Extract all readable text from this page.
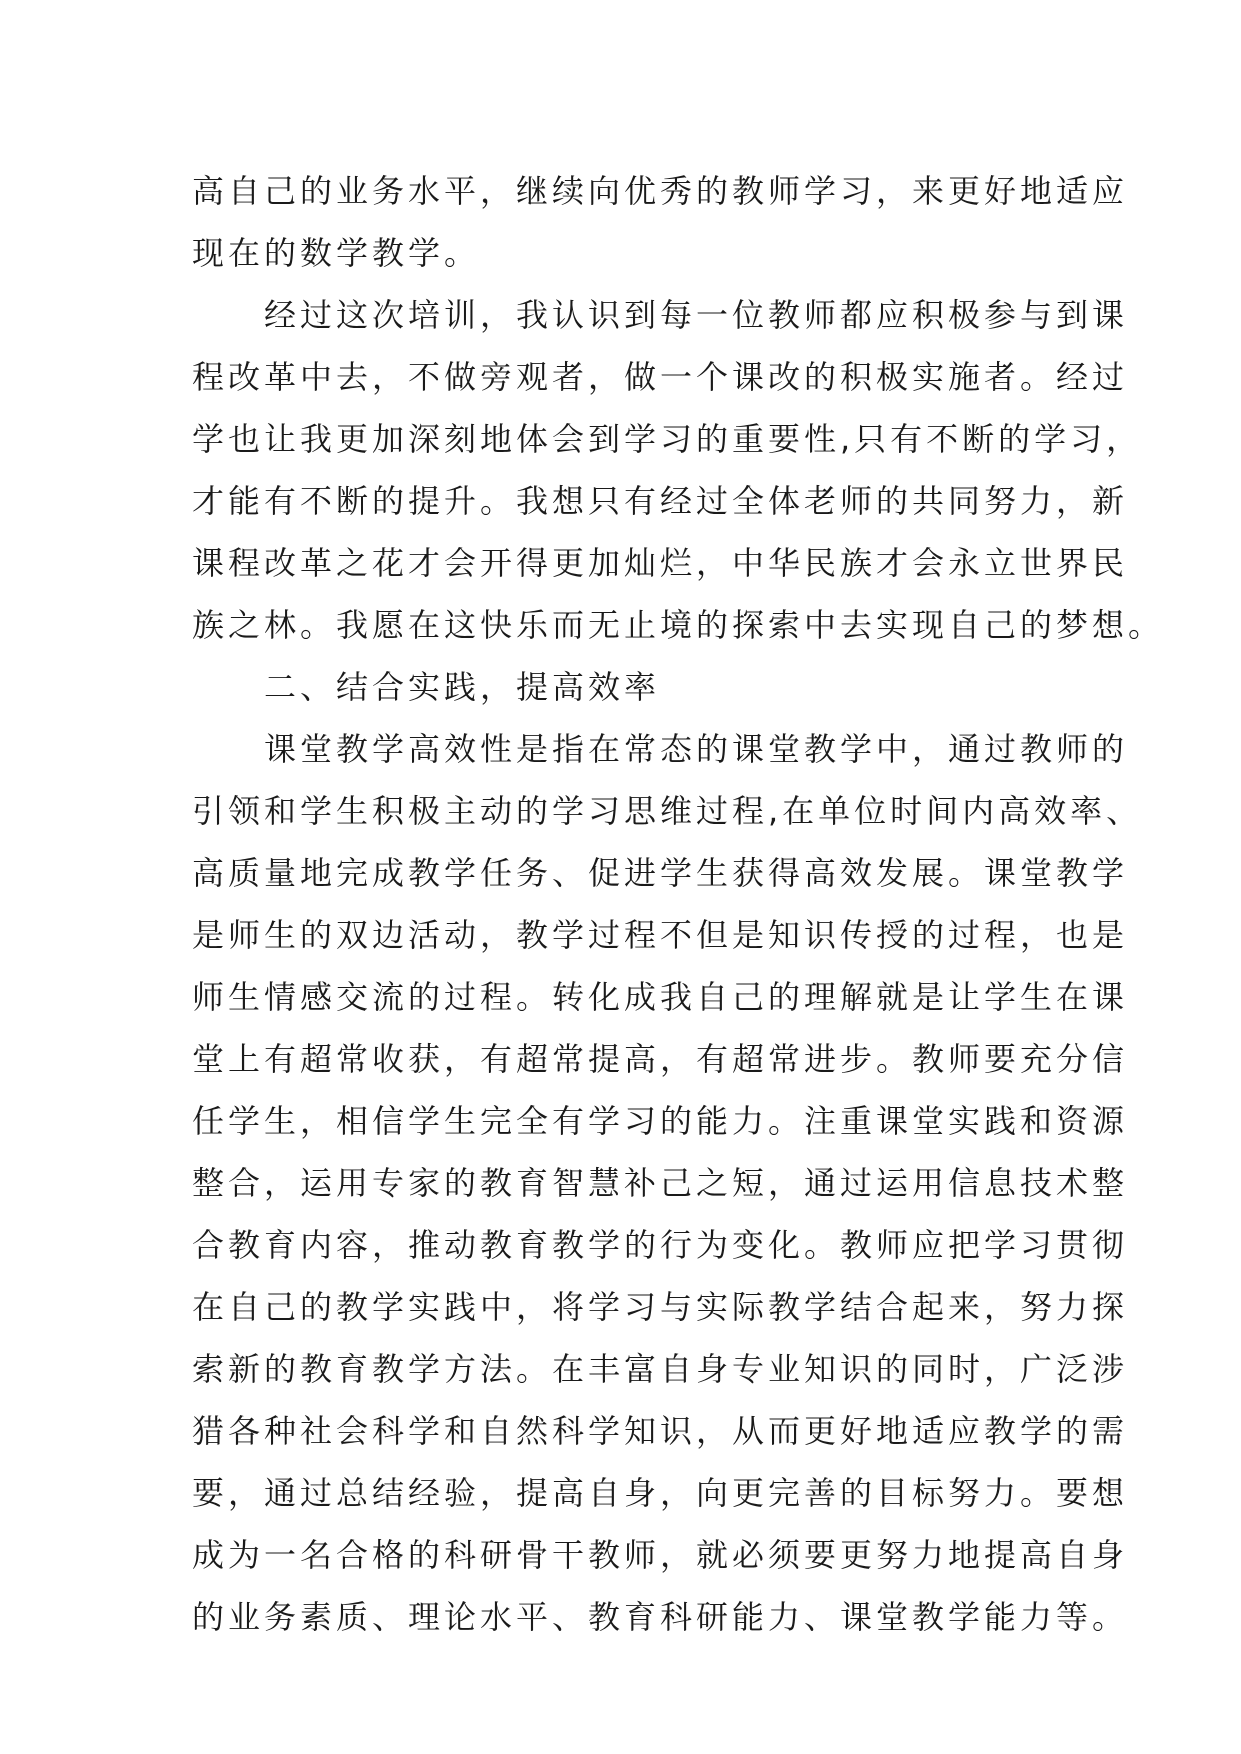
高自己的业务水平，继续向优秀的教师学习，来更好地适应
现在的数学教学。
　　经过这次培训，我认识到每一位教师都应积极参与到课
程改革中去，不做旁观者，做一个课改的积极实施者。经过
学也让我更加深刻地体会到学习的重要性,只有不断的学习，
才能有不断的提升。我想只有经过全体老师的共同努力，新
课程改革之花才会开得更加灿烂，中华民族才会永立世界民
族之林。我愿在这快乐而无止境的探索中去实现自己的梦想。
　　二、结合实践，提高效率
　　课堂教学高效性是指在常态的课堂教学中，通过教师的
引领和学生积极主动的学习思维过程,在单位时间内高效率、
高质量地完成教学任务、促进学生获得高效发展。课堂教学
是师生的双边活动，教学过程不但是知识传授的过程，也是
师生情感交流的过程。转化成我自己的理解就是让学生在课
堂上有超常收获，有超常提高，有超常进步。教师要充分信
任学生，相信学生完全有学习的能力。注重课堂实践和资源
整合，运用专家的教育智慧补己之短，通过运用信息技术整
合教育内容，推动教育教学的行为变化。教师应把学习贯彻
在自己的教学实践中，将学习与实际教学结合起来，努力探
索新的教育教学方法。在丰富自身专业知识的同时，广泛涉
猎各种社会科学和自然科学知识，从而更好地适应教学的需
要，通过总结经验，提高自身，向更完善的目标努力。要想
成为一名合格的科研骨干教师，就必须要更努力地提高自身
的业务素质、理论水平、教育科研能力、课堂教学能力等。
